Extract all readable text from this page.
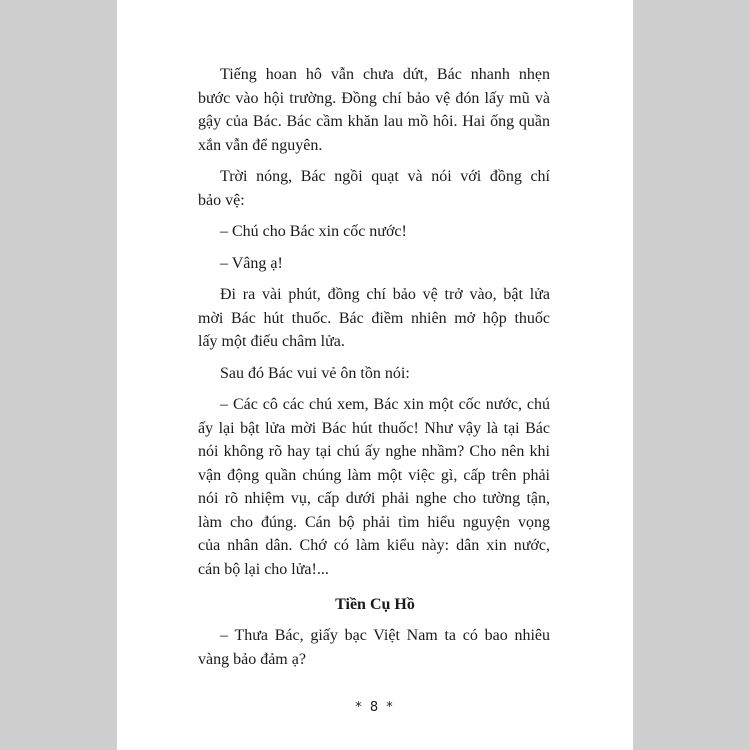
Tiếng hoan hô vẫn chưa dứt, Bác nhanh nhẹn
bước vào hội trường. Đồng chí bảo vệ đón lấy mũ và
gậy của Bác. Bác cầm khăn lau mồ hôi. Hai ống quần
xắn vẫn để nguyên.

Trời nóng, Bác ngồi quạt và nói với đồng chí
bảo vệ:

– Chú cho Bác xin cốc nước!

– Vâng ạ!

Đi ra vài phút, đồng chí bảo vệ trở vào, bật lửa
mời Bác hút thuốc. Bác điềm nhiên mở hộp thuốc
lấy một điếu châm lửa.

Sau đó Bác vui vẻ ôn tồn nói:

– Các cô các chú xem, Bác xin một cốc nước, chú
ấy lại bật lửa mời Bác hút thuốc! Như vậy là tại Bác
nói không rõ hay tại chú ấy nghe nhầm? Cho nên khi
vận động quần chúng làm một việc gì, cấp trên phải
nói rõ nhiệm vụ, cấp dưới phải nghe cho tường tận,
làm cho đúng. Cán bộ phải tìm hiểu nguyện vọng
của nhân dân. Chớ có làm kiểu này: dân xin nước,
cán bộ lại cho lửa!...

Tiền Cụ Hồ
– Thưa Bác, giấy bạc Việt Nam ta có bao nhiêu
vàng bảo đảm ạ?
* 8 *
